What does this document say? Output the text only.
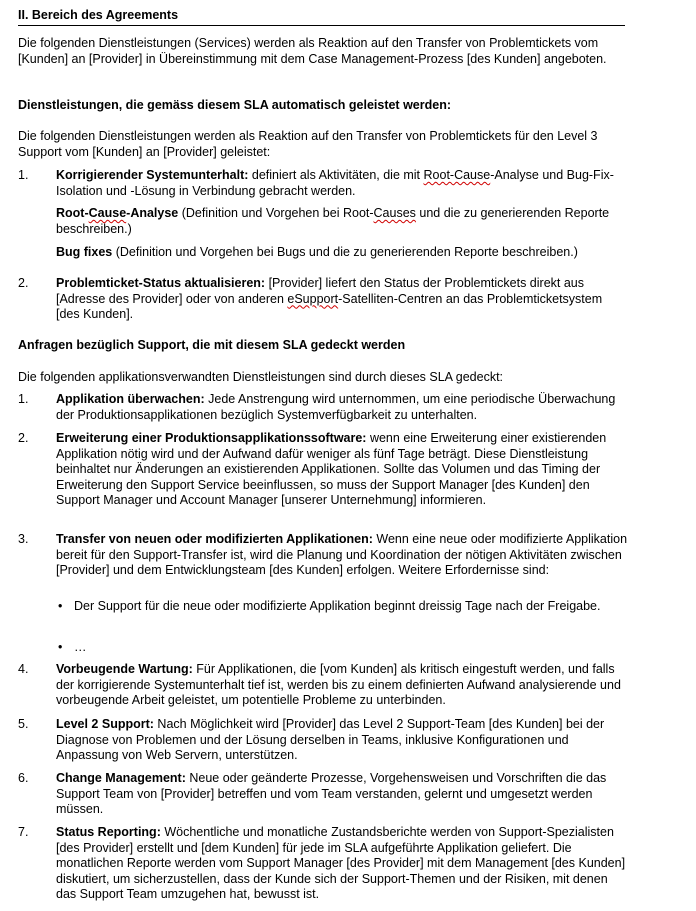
II. Bereich des Agreements
Die folgenden Dienstleistungen (Services) werden als Reaktion auf den Transfer von Problemtickets vom [Kunden] an [Provider] in Übereinstimmung mit dem Case Management-Prozess [des Kunden] angeboten.
Dienstleistungen, die gemäss diesem SLA automatisch geleistet werden:
Die folgenden Dienstleistungen werden als Reaktion auf den Transfer von Problemtickets für den Level 3 Support vom [Kunden] an [Provider] geleistet:
1. Korrigierender Systemunterhalt: definiert als Aktivitäten, die mit Root-Cause-Analyse und Bug-Fix-Isolation und -Lösung in Verbindung gebracht werden.
Root-Cause-Analyse (Definition und Vorgehen bei Root-Causes und die zu generierenden Reporte beschreiben.)
Bug fixes (Definition und Vorgehen bei Bugs und die zu generierenden Reporte beschreiben.)
2. Problemticket-Status aktualisieren: [Provider] liefert den Status der Problemtickets direkt aus [Adresse des Provider] oder von anderen eSupport-Satelliten-Centren an das Problemticketsystem [des Kunden].
Anfragen bezüglich Support, die mit diesem SLA gedeckt werden
Die folgenden applikationsverwandten Dienstleistungen sind durch dieses SLA gedeckt:
1. Applikation überwachen: Jede Anstrengung wird unternommen, um eine periodische Überwachung der Produktionsapplikationen bezüglich Systemverfügbarkeit zu unterhalten.
2. Erweiterung einer Produktionsapplikationssoftware: wenn eine Erweiterung einer existierenden Applikation nötig wird und der Aufwand dafür weniger als fünf Tage beträgt. Diese Dienstleistung beinhaltet nur Änderungen an existierenden Applikationen. Sollte das Volumen und das Timing der Erweiterung den Support Service beeinflussen, so muss der Support Manager [des Kunden] den Support Manager und Account Manager [unserer Unternehmung] informieren.
3. Transfer von neuen oder modifizierten Applikationen: Wenn eine neue oder modifizierte Applikation bereit für den Support-Transfer ist, wird die Planung und Koordination der nötigen Aktivitäten zwischen [Provider] und dem Entwicklungsteam [des Kunden] erfolgen. Weitere Erfordernisse sind:
• Der Support für die neue oder modifizierte Applikation beginnt dreissig Tage nach der Freigabe.
• …
4. Vorbeugende Wartung: Für Applikationen, die [vom Kunden] als kritisch eingestuft werden, und falls der korrigierende Systemunterhalt tief ist, werden bis zu einem definierten Aufwand analysierende und vorbeugende Arbeit geleistet, um potentielle Probleme zu unterbinden.
5. Level 2 Support: Nach Möglichkeit wird [Provider] das Level 2 Support-Team [des Kunden] bei der Diagnose von Problemen und der Lösung derselben in Teams, inklusive Konfigurationen und Anpassung von Web Servern, unterstützen.
6. Change Management: Neue oder geänderte Prozesse, Vorgehensweisen und Vorschriften die das Support Team von [Provider] betreffen und vom Team verstanden, gelernt und umgesetzt werden müssen.
7. Status Reporting: Wöchentliche und monatliche Zustandsberichte werden von Support-Spezialisten [des Provider] erstellt und [dem Kunden] für jede im SLA aufgeführte Applikation geliefert. Die monatlichen Reporte werden vom Support Manager [des Provider] mit dem Management [des Kunden] diskutiert, um sicherzustellen, dass der Kunde sich der Support-Themen und der Risiken, mit denen das Support Team umzugehen hat, bewusst ist.
